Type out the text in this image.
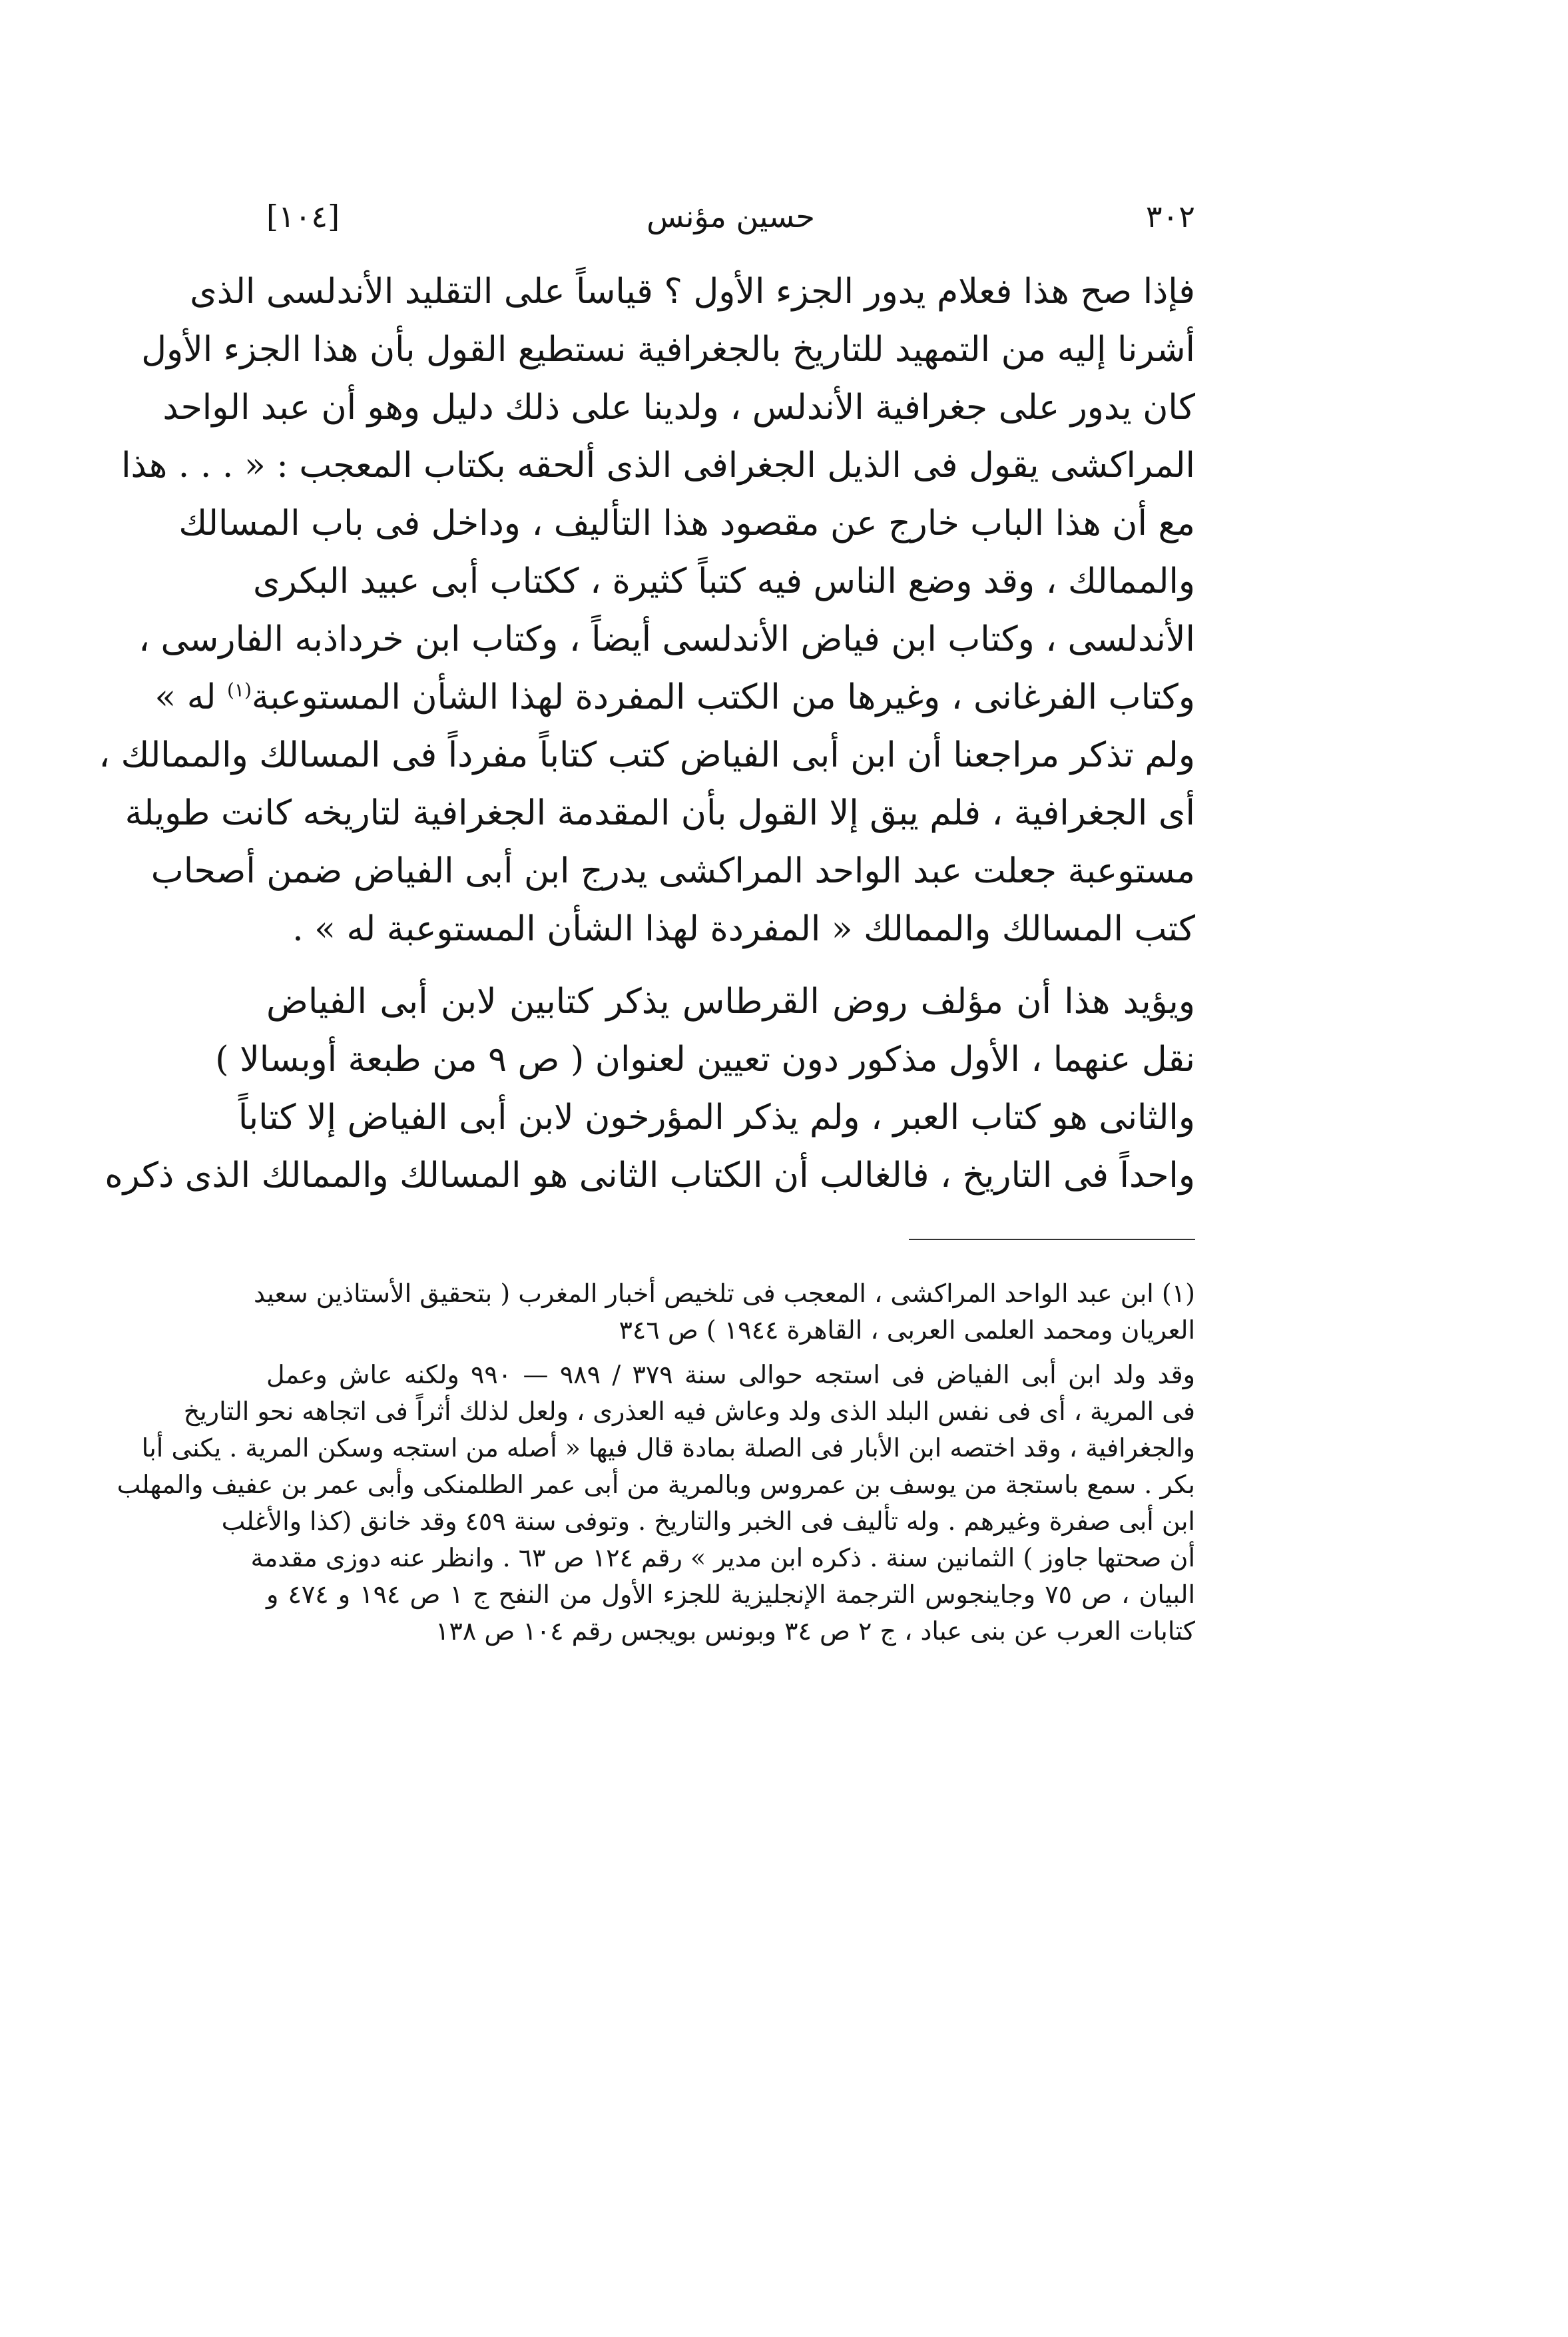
[١٠٤]	حسين مؤنس	٣٠٢
فإذا صح هذا فعلام يدور الجزء الأول ؟ قياساً على التقليد الأندلسى الذى
أشرنا إليه من التمهيد للتاريخ بالجغرافية نستطيع القول بأن هذا الجزء الأول
كان يدور على جغرافية الأندلس ، ولدينا على ذلك دليل وهو أن عبد الواحد
المراكشى يقول فى الذيل الجغرافى الذى ألحقه بكتاب المعجب : « . . . هذا
مع أن هذا الباب خارج عن مقصود هذا التأليف ، وداخل فى باب المسالك
والممالك ، وقد وضع الناس فيه كتباً كثيرة ، ككتاب أبى عبيد البكرى
الأندلسى ، وكتاب ابن فياض الأندلسى أيضاً ، وكتاب ابن خرداذبه الفارسى ،
وكتاب الفرغانى ، وغيرها من الكتب المفردة لهذا الشأن المستوعبة$^{(١)}$ له »
ولم تذكر مراجعنا أن ابن أبى الفياض كتب كتاباً مفرداً فى المسالك والممالك ،
أى الجغرافية ، فلم يبق إلا القول بأن المقدمة الجغرافية لتاريخه كانت طويلة
مستوعبة جعلت عبد الواحد المراكشى يدرج ابن أبى الفياض ضمن أصحاب
كتب المسالك والممالك « المفردة لهذا الشأن المستوعبة له » .
ويؤيد هذا أن مؤلف روض القرطاس يذكر كتابين لابن أبى الفياض
نقل عنهما ، الأول مذكور دون تعيين لعنوان ( ص ٩ من طبعة أوبسالا )
والثانى هو كتاب العبر ، ولم يذكر المؤرخون لابن أبى الفياض إلا كتاباً
واحداً فى التاريخ ، فالغالب أن الكتاب الثانى هو المسالك والممالك الذى ذكره
(١) ابن عبد الواحد المراكشى ، المعجب فى تلخيص أخبار المغرب ( بتحقيق الأستاذين سعيد
العريان ومحمد العلمى العربى ، القاهرة ١٩٤٤ ) ص ٣٤٦
وقد ولد ابن أبى الفياض فى استجه حوالى سنة ٣٧٩ / ٩٨٩ — ٩٩٠ ولكنه عاش وعمل
فى المرية ، أى فى نفس البلد الذى ولد وعاش فيه العذرى ، ولعل لذلك أثراً فى اتجاهه نحو التاريخ
والجغرافية ، وقد اختصه ابن الأبار فى الصلة بمادة قال فيها « أصله من استجه وسكن المرية . يكنى أبا
بكر . سمع باستجة من يوسف بن عمروس وبالمرية من أبى عمر الطلمنكى وأبى عمر بن عفيف والمهلب
ابن أبى صفرة وغيرهم . وله تأليف فى الخبر والتاريخ . وتوفى سنة ٤٥٩ وقد خانق (كذا والأغلب
أن صحتها جاوز ) الثمانين سنة . ذكره ابن مدير » رقم ١٢٤ ص ٦٣ . وانظر عنه دوزى مقدمة
البيان ، ص ٧٥ وجاينجوس الترجمة الإنجليزية للجزء الأول من النفح ج ١ ص ١٩٤ و ٤٧٤ و
كتابات العرب عن بنى عباد ، ج ٢ ص ٣٤ وبونس بويجس رقم ١٠٤ ص ١٣٨
